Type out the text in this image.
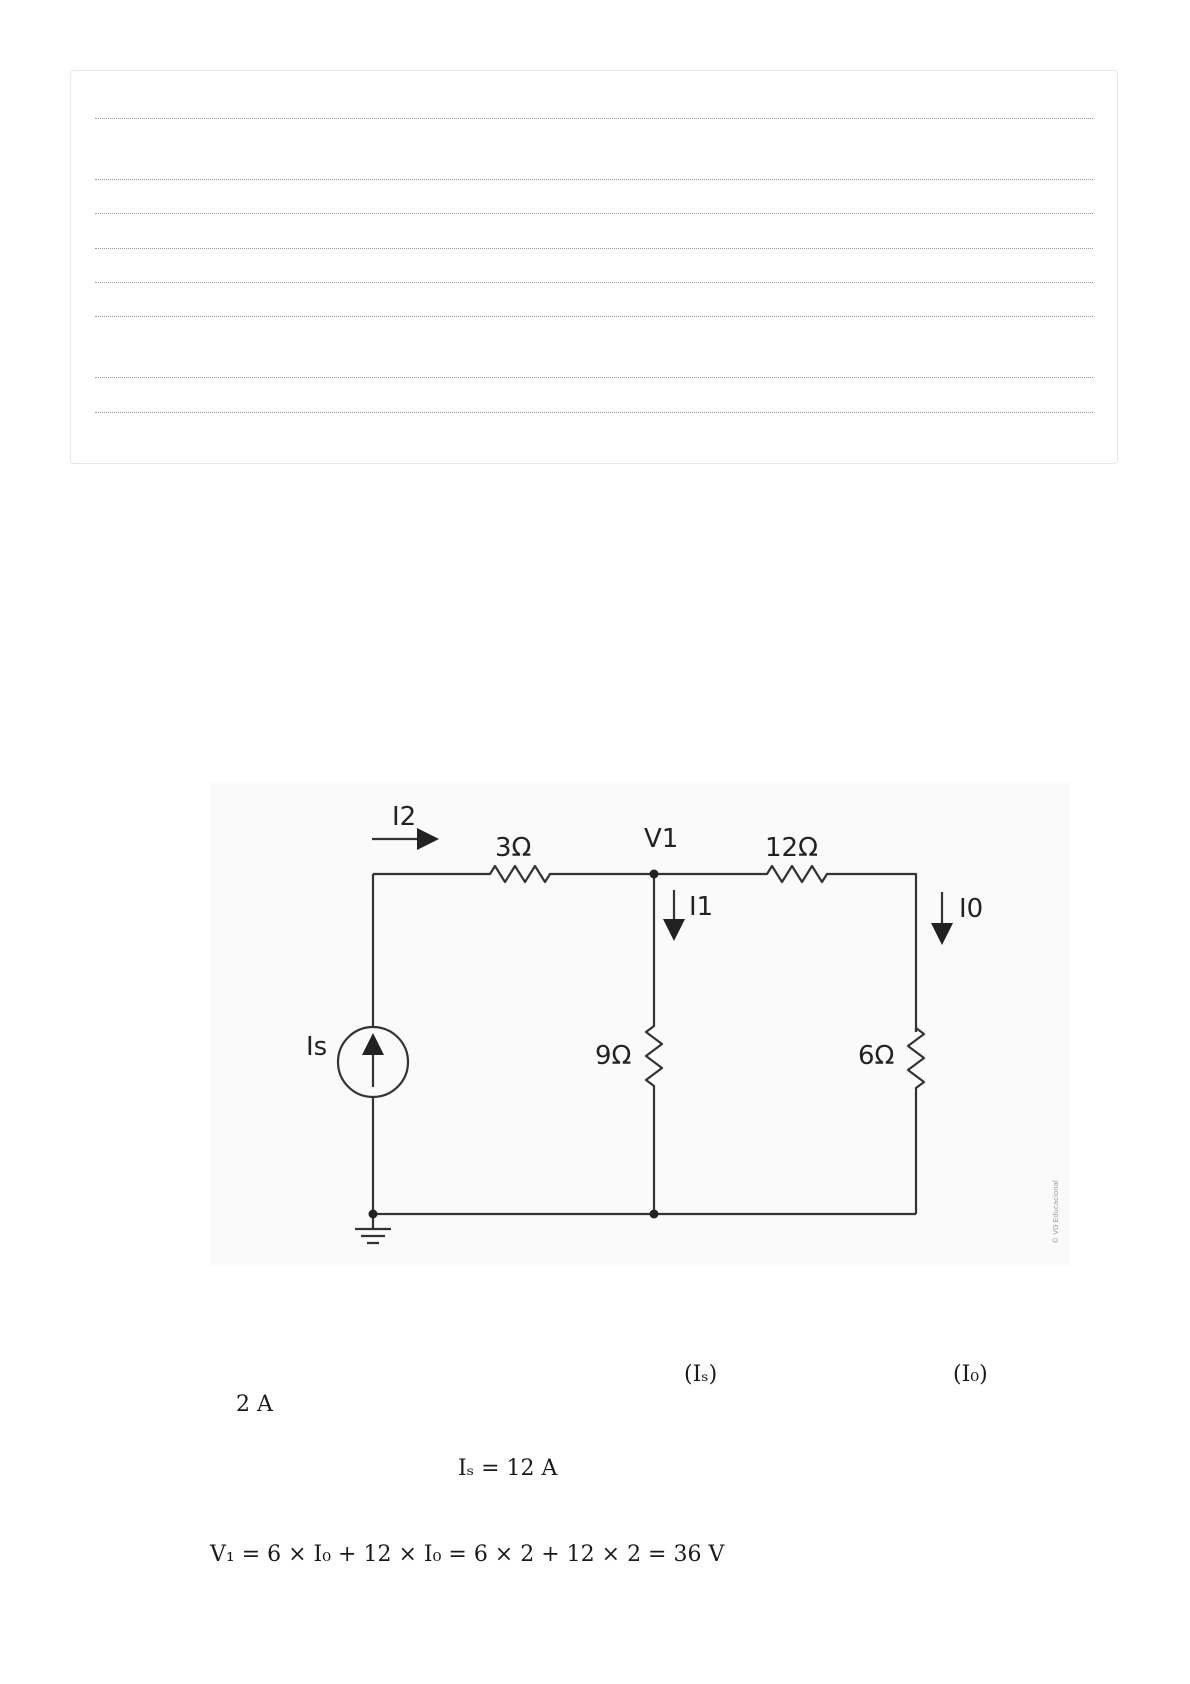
I2
3Ω	V1	12Ω
I1	I0
Is	9Ω	6Ω
© VG Educacional
(Iₛ)	(I₀)
2 A
Iₛ = 12 A
V₁ = 6 × I₀ + 12 × I₀ = 6 × 2 + 12 × 2 = 36 V
